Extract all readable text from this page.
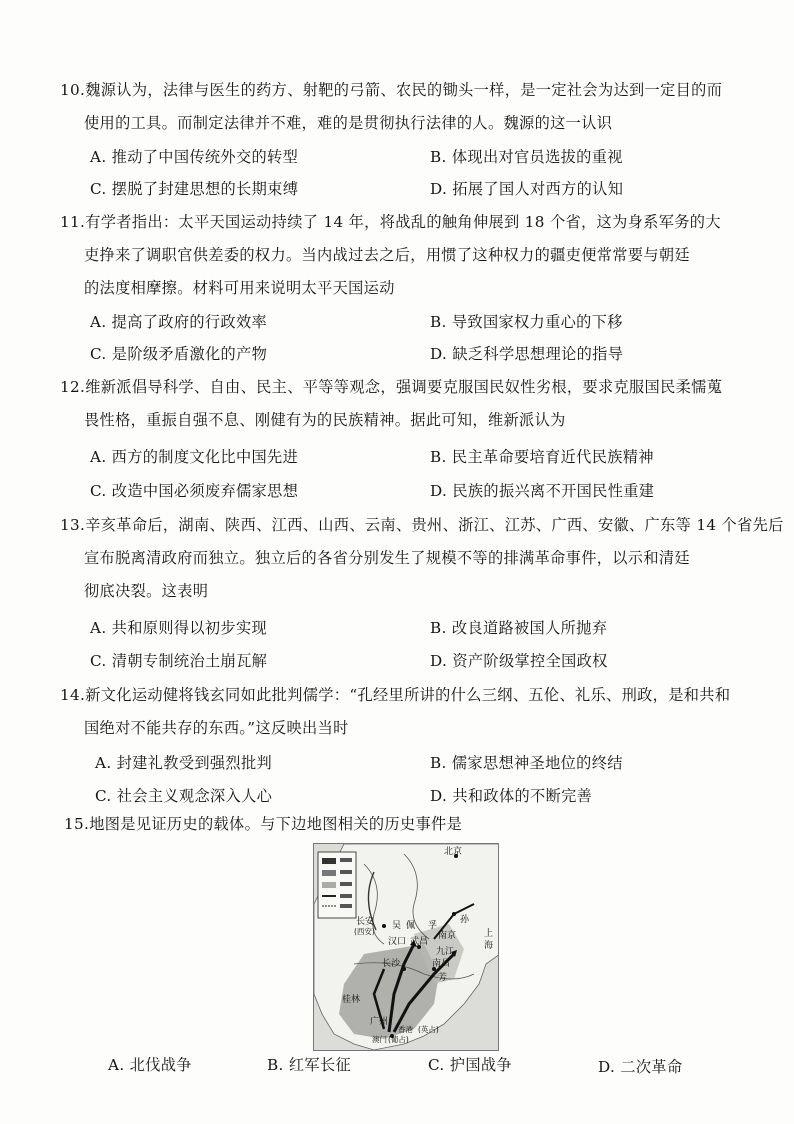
10.魏源认为，法律与医生的药方、射靶的弓箭、农民的锄头一样，是一定社会为达到一定目的而
使用的工具。而制定法律并不难，难的是贯彻执行法律的人。魏源的这一认识
A. 推动了中国传统外交的转型	B. 体现出对官员选拔的重视
C. 摆脱了封建思想的长期束缚	D. 拓展了国人对西方的认知
11.有学者指出：太平天国运动持续了 14 年，将战乱的触角伸展到 18 个省，这为身系军务的大
吏挣来了调职官供差委的权力。当内战过去之后，用惯了这种权力的疆吏便常常要与朝廷
的法度相摩擦。材料可用来说明太平天国运动
A. 提高了政府的行政效率	B. 导致国家权力重心的下移
C. 是阶级矛盾激化的产物	D. 缺乏科学思想理论的指导
12.维新派倡导科学、自由、民主、平等等观念，强调要克服国民奴性劣根，要求克服国民柔懦蒐
畏性格，重振自强不息、刚健有为的民族精神。据此可知，维新派认为
A. 西方的制度文化比中国先进	B. 民主革命要培育近代民族精神
C. 改造中国必须废弃儒家思想	D. 民族的振兴离不开国民性重建
13.辛亥革命后，湖南、陕西、江西、山西、云南、贵州、浙江、江苏、广西、安徽、广东等 14 个省先后
宣布脱离清政府而独立。独立后的各省分别发生了规模不等的排满革命事件，以示和清廷
彻底决裂。这表明
A. 共和原则得以初步实现	B. 改良道路被国人所抛弃
C. 清朝专制统治土崩瓦解	D. 资产阶级掌控全国政权
14.新文化运动健将钱玄同如此批判儒学：“孔经里所讲的什么三纲、五伦、礼乐、刑政，是和共和
国绝对不能共存的东西。”这反映出当时
A. 封建礼教受到强烈批判	B. 儒家思想神圣地位的终结
C. 社会主义观念深入人心	D. 共和政体的不断完善
15.地图是见证历史的载体。与下边地图相关的历史事件是
北京
长安
(西安)
吴 佩 孚
南京
孙
上
海
汉口 武昌
九江
长沙	南昌
芳
桂林
广州
香港 (英占)
澳门 (葡占)
A. 北伐战争	B. 红军长征	C. 护国战争	D. 二次革命
